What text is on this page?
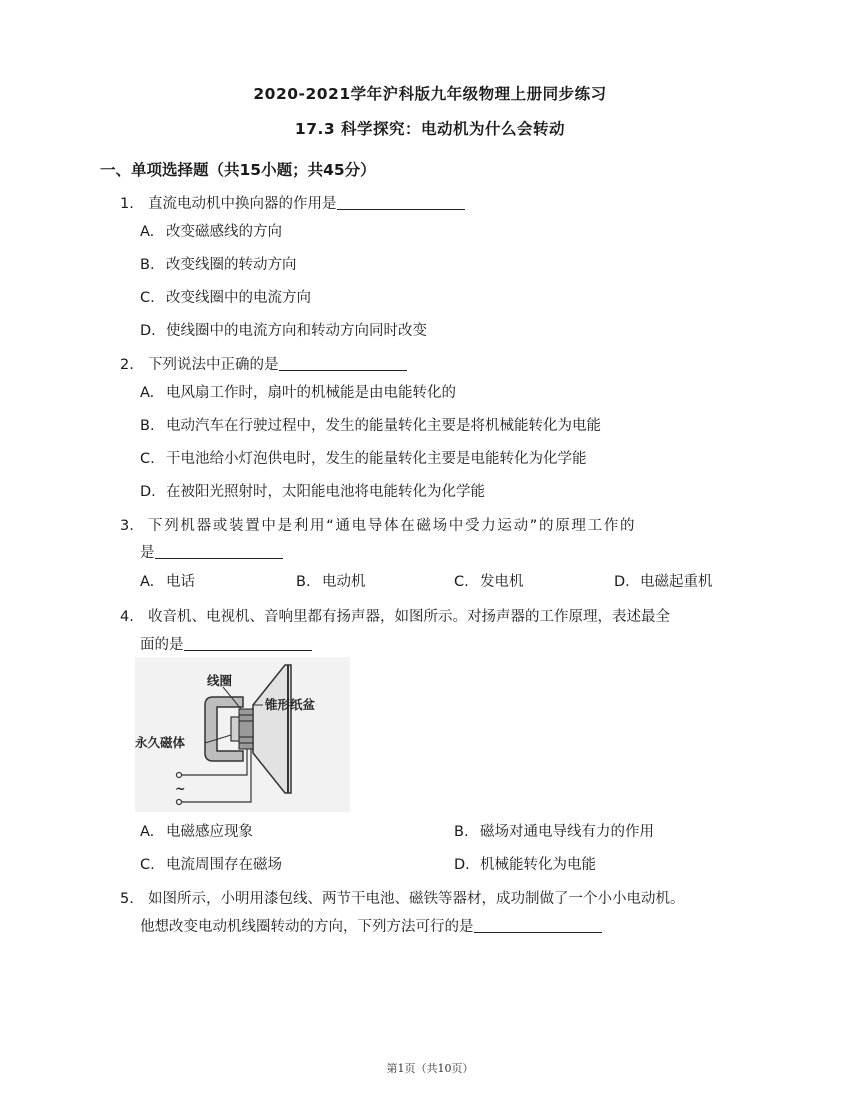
2020-2021学年沪科版九年级物理上册同步练习
17.3 科学探究：电动机为什么会转动
一、单项选择题（共15小题；共45分）
1. 直流电动机中换向器的作用是
A. 改变磁感线的方向
B. 改变线圈的转动方向
C. 改变线圈中的电流方向
D. 使线圈中的电流方向和转动方向同时改变
2. 下列说法中正确的是
A. 电风扇工作时，扇叶的机械能是由电能转化的
B. 电动汽车在行驶过程中，发生的能量转化主要是将机械能转化为电能
C. 干电池给小灯泡供电时，发生的能量转化主要是电能转化为化学能
D. 在被阳光照射时，太阳能电池将电能转化为化学能
3. 下列机器或装置中是利用“通电导体在磁场中受力运动”的原理工作的
是
A. 电话	B. 电动机	C. 发电机	D. 电磁起重机
4. 收音机、电视机、音响里都有扬声器，如图所示。对扬声器的工作原理，表述最全
面的是
线圈
锥形纸盆
永久磁体
~
A. 电磁感应现象	B. 磁场对通电导线有力的作用
C. 电流周围存在磁场	D. 机械能转化为电能
5. 如图所示，小明用漆包线、两节干电池、磁铁等器材，成功制做了一个小小电动机。
他想改变电动机线圈转动的方向，下列方法可行的是
第1页（共10页）
